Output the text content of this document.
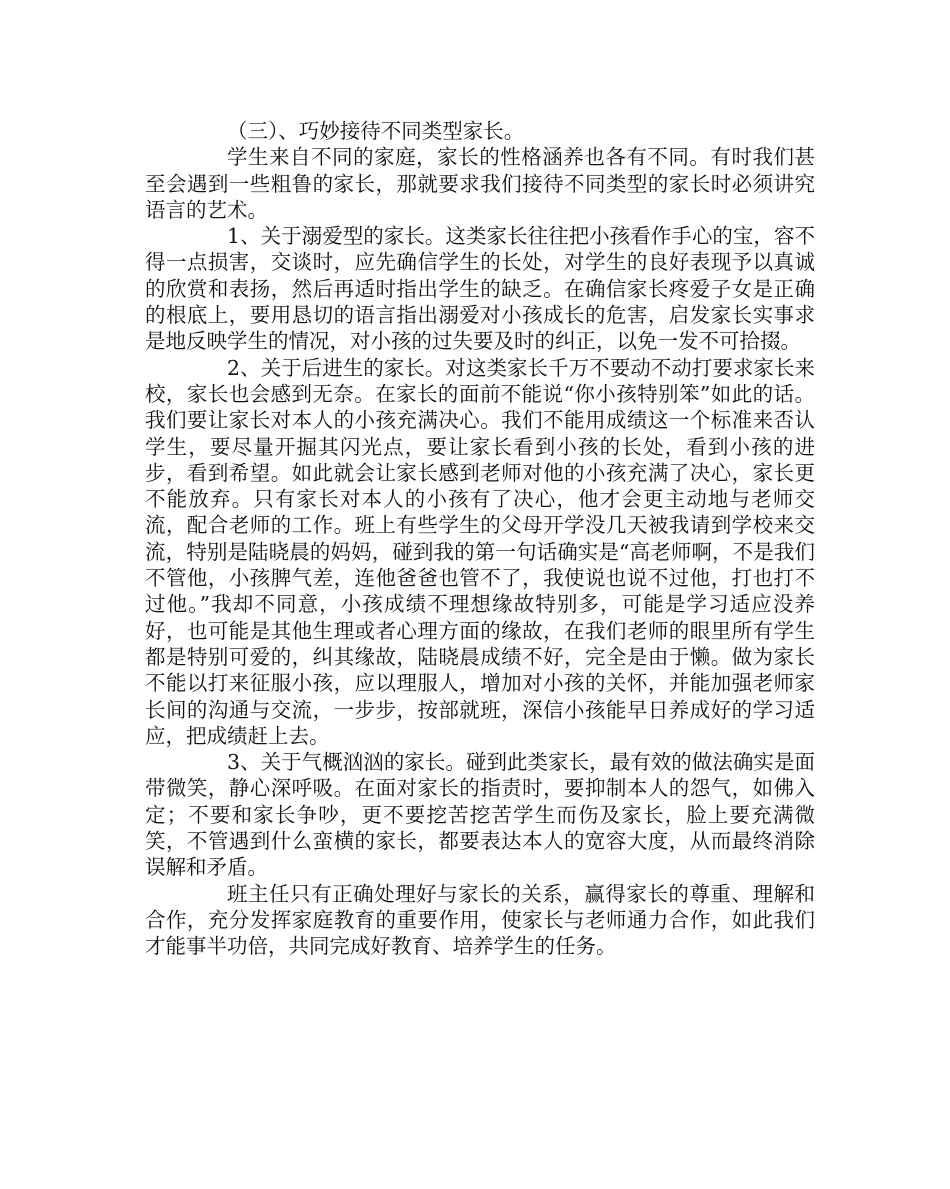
（三）、巧妙接待不同类型家长。

学生来自不同的家庭，家长的性格涵养也各有不同。有时我们甚至会遇到一些粗鲁的家长，那就要求我们接待不同类型的家长时必须讲究语言的艺术。

1、关于溺爱型的家长。这类家长往往把小孩看作手心的宝，容不得一点损害，交谈时，应先确信学生的长处，对学生的良好表现予以真诚的欣赏和表扬，然后再适时指出学生的缺乏。在确信家长疼爱子女是正确的根底上，要用恳切的语言指出溺爱对小孩成长的危害，启发家长实事求是地反映学生的情况，对小孩的过失要及时的纠正，以免一发不可拾掇。

2、关于后进生的家长。对这类家长千万不要动不动打要求家长来校，家长也会感到无奈。在家长的面前不能说“你小孩特别笨”如此的话。我们要让家长对本人的小孩充满决心。我们不能用成绩这一个标准来否认学生，要尽量开掘其闪光点，要让家长看到小孩的长处，看到小孩的进步，看到希望。如此就会让家长感到老师对他的小孩充满了决心，家长更不能放弃。只有家长对本人的小孩有了决心，他才会更主动地与老师交流，配合老师的工作。班上有些学生的父母开学没几天被我请到学校来交流，特别是陆晓晨的妈妈，碰到我的第一句话确实是“高老师啊，不是我们不管他，小孩脾气差，连他爸爸也管不了，我使说也说不过他，打也打不过他。”我却不同意，小孩成绩不理想缘故特别多，可能是学习适应没养好，也可能是其他生理或者心理方面的缘故，在我们老师的眼里所有学生都是特别可爱的，纠其缘故，陆晓晨成绩不好，完全是由于懒。做为家长不能以打来征服小孩，应以理服人，增加对小孩的关怀，并能加强老师家长间的沟通与交流，一步步，按部就班，深信小孩能早日养成好的学习适应，把成绩赶上去。

3、关于气概汹汹的家长。碰到此类家长，最有效的做法确实是面带微笑，静心深呼吸。在面对家长的指责时，要抑制本人的怨气，如佛入定；不要和家长争吵，更不要挖苦挖苦学生而伤及家长，脸上要充满微笑，不管遇到什么蛮横的家长，都要表达本人的宽容大度，从而最终消除误解和矛盾。

班主任只有正确处理好与家长的关系，赢得家长的尊重、理解和合作，充分发挥家庭教育的重要作用，使家长与老师通力合作，如此我们才能事半功倍，共同完成好教育、培养学生的任务。
